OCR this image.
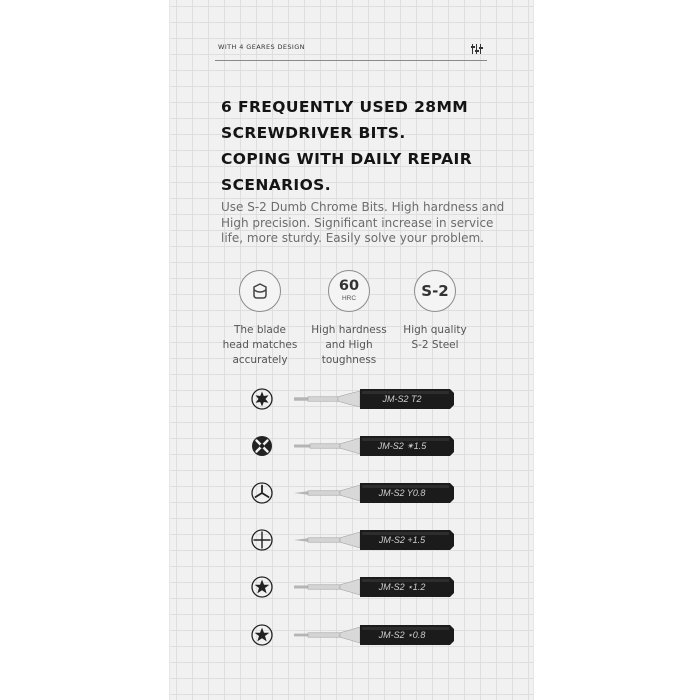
WITH 4 GEARES DESIGN
6 FREQUENTLY USED 28MM
SCREWDRIVER BITS.
COPING WITH DAILY REPAIR
SCENARIOS.

Use S-2 Dumb Chrome Bits. High hardness and High precision. Significant increase in service life, more sturdy. Easily solve your problem.

The blade
head matches
accurately
60
HRC
High hardness
and High
toughness
S-2
High quality
S-2 Steel
JM-S2 T2
JM-S2 ✴1.5
JM-S2 Y0.8
JM-S2 +1.5
JM-S2 ⋆1.2
JM-S2 ⋆0.8
